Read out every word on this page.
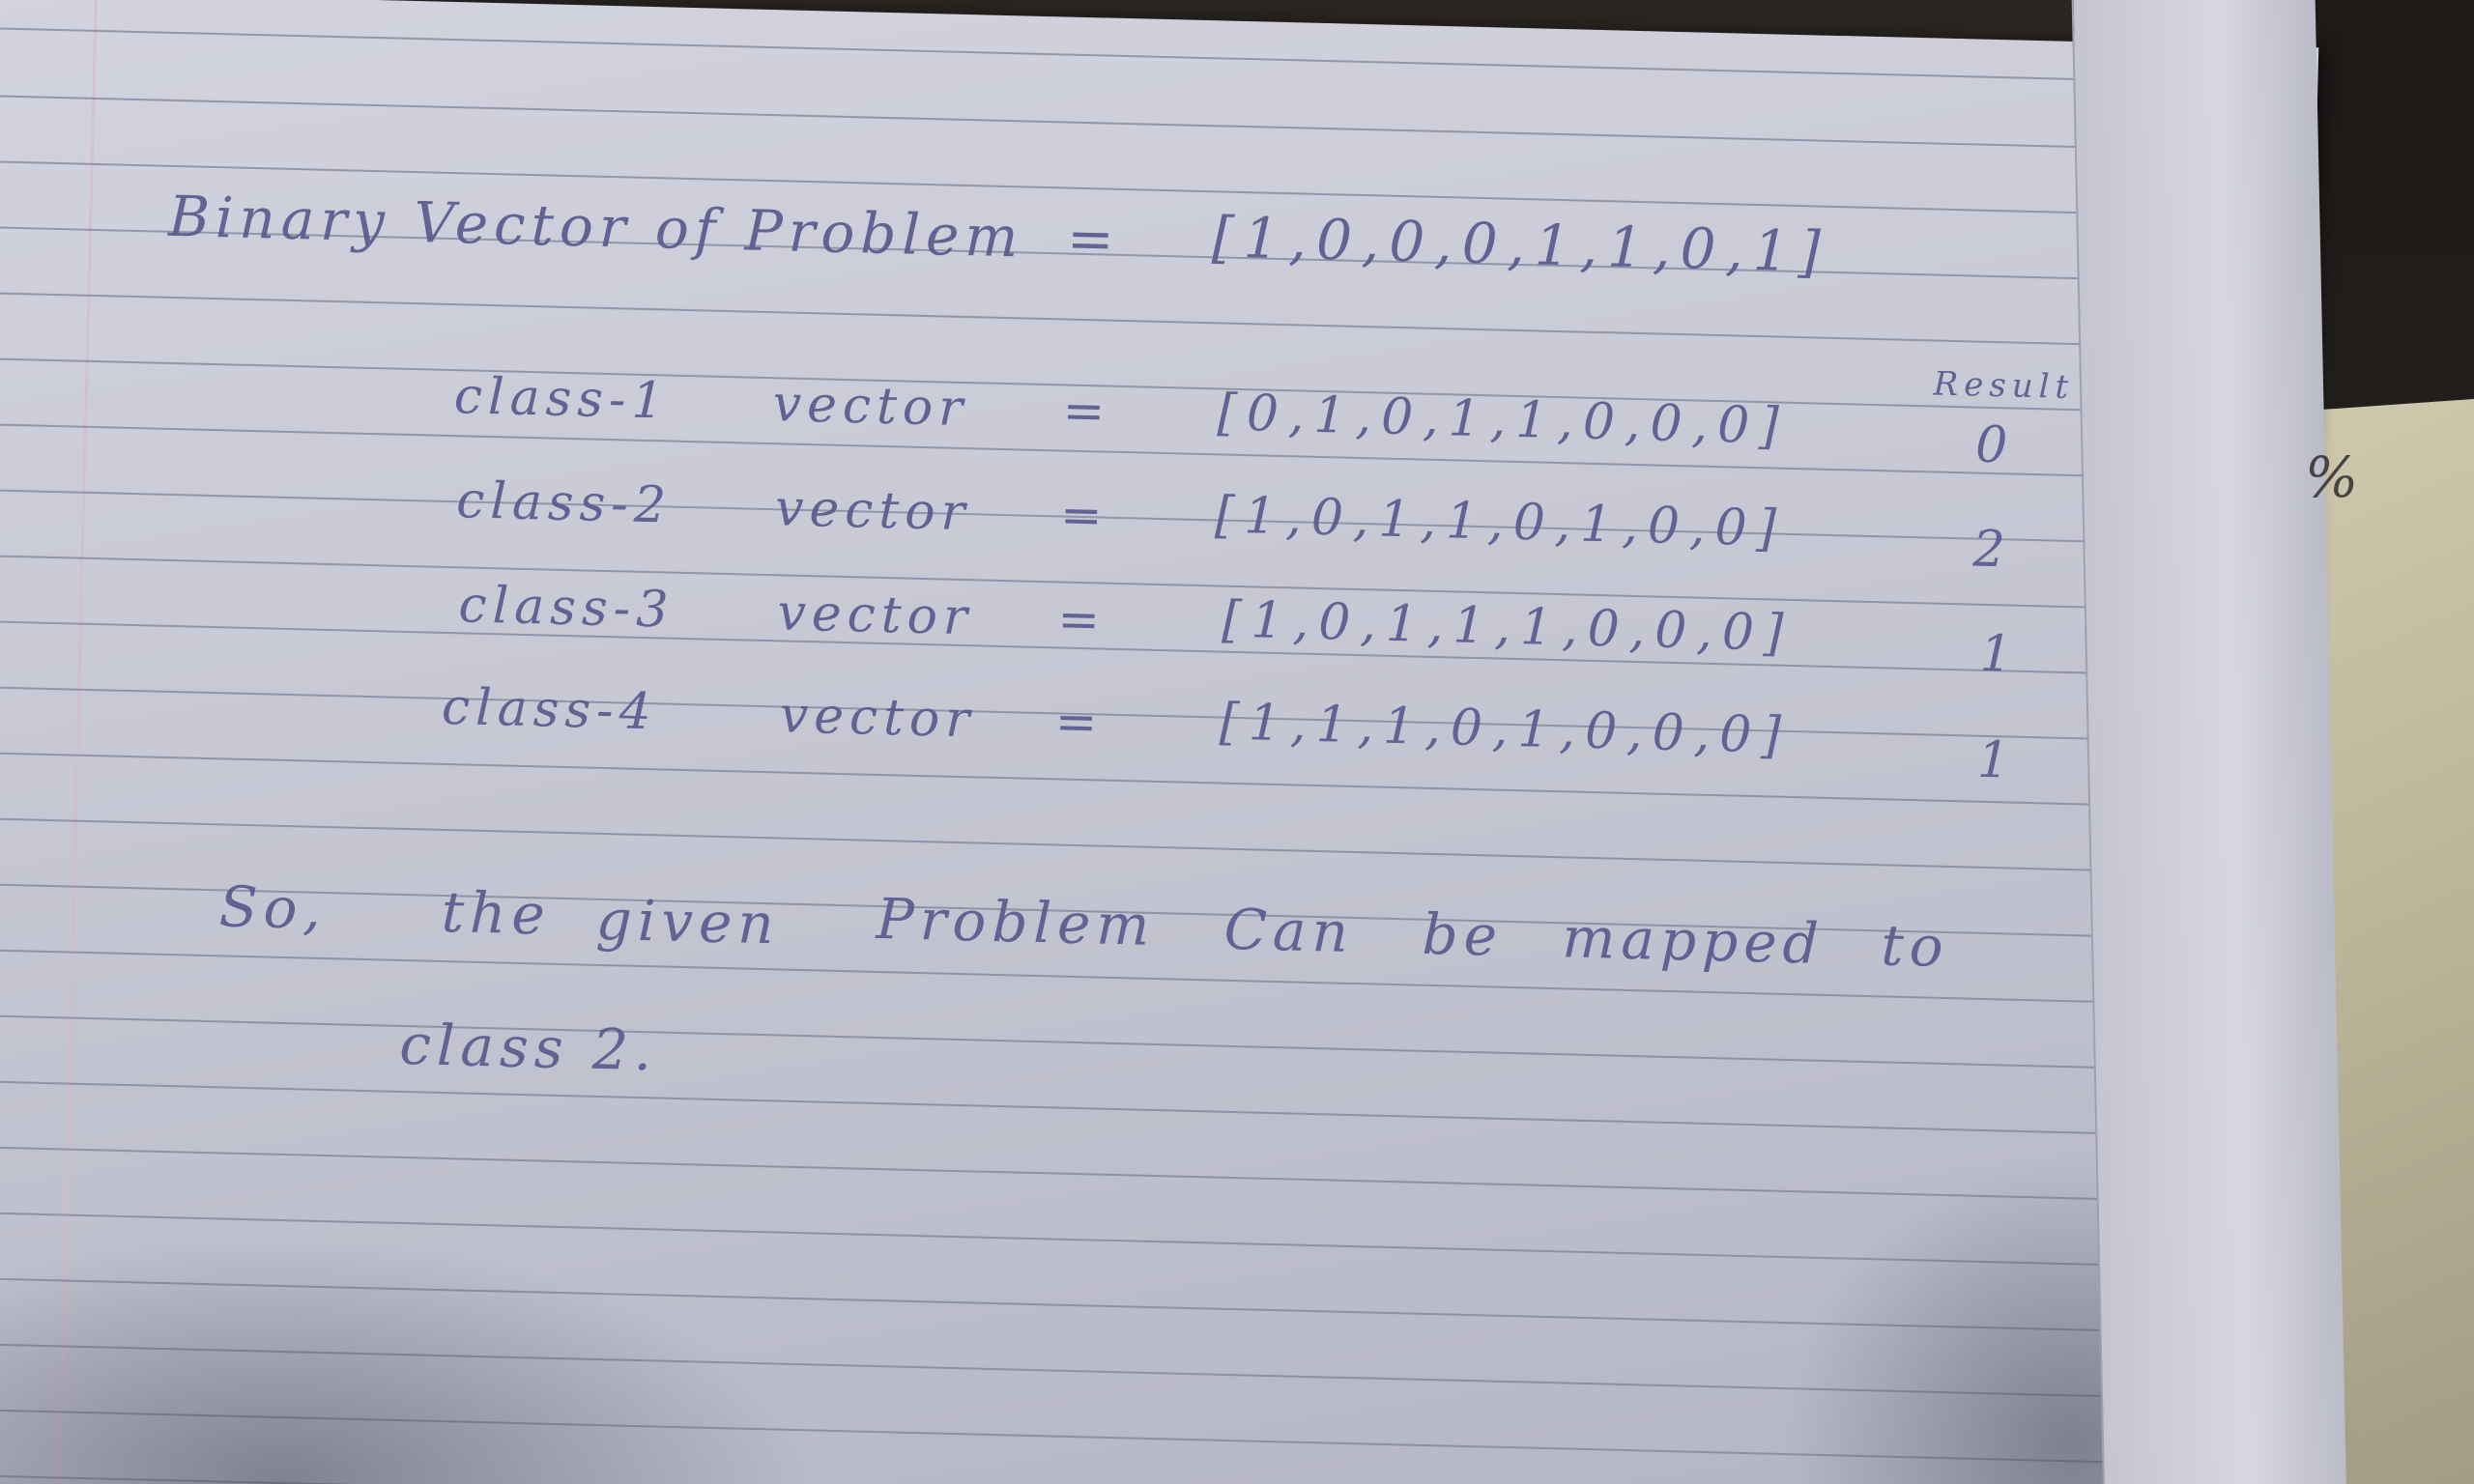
Binary Vector of Problem = [1,0,0,0,1,1,0,1]
Result
class-1 vector = [0,1,0,1,1,0,0,0]	0
class-2 vector = [1,0,1,1,0,1,0,0]	2
class-3 vector = [1,0,1,1,1,0,0,0]	1
class-4 vector = [1,1,1,0,1,0,0,0]	1
So, the given Problem Can be mapped to
class 2.
%
